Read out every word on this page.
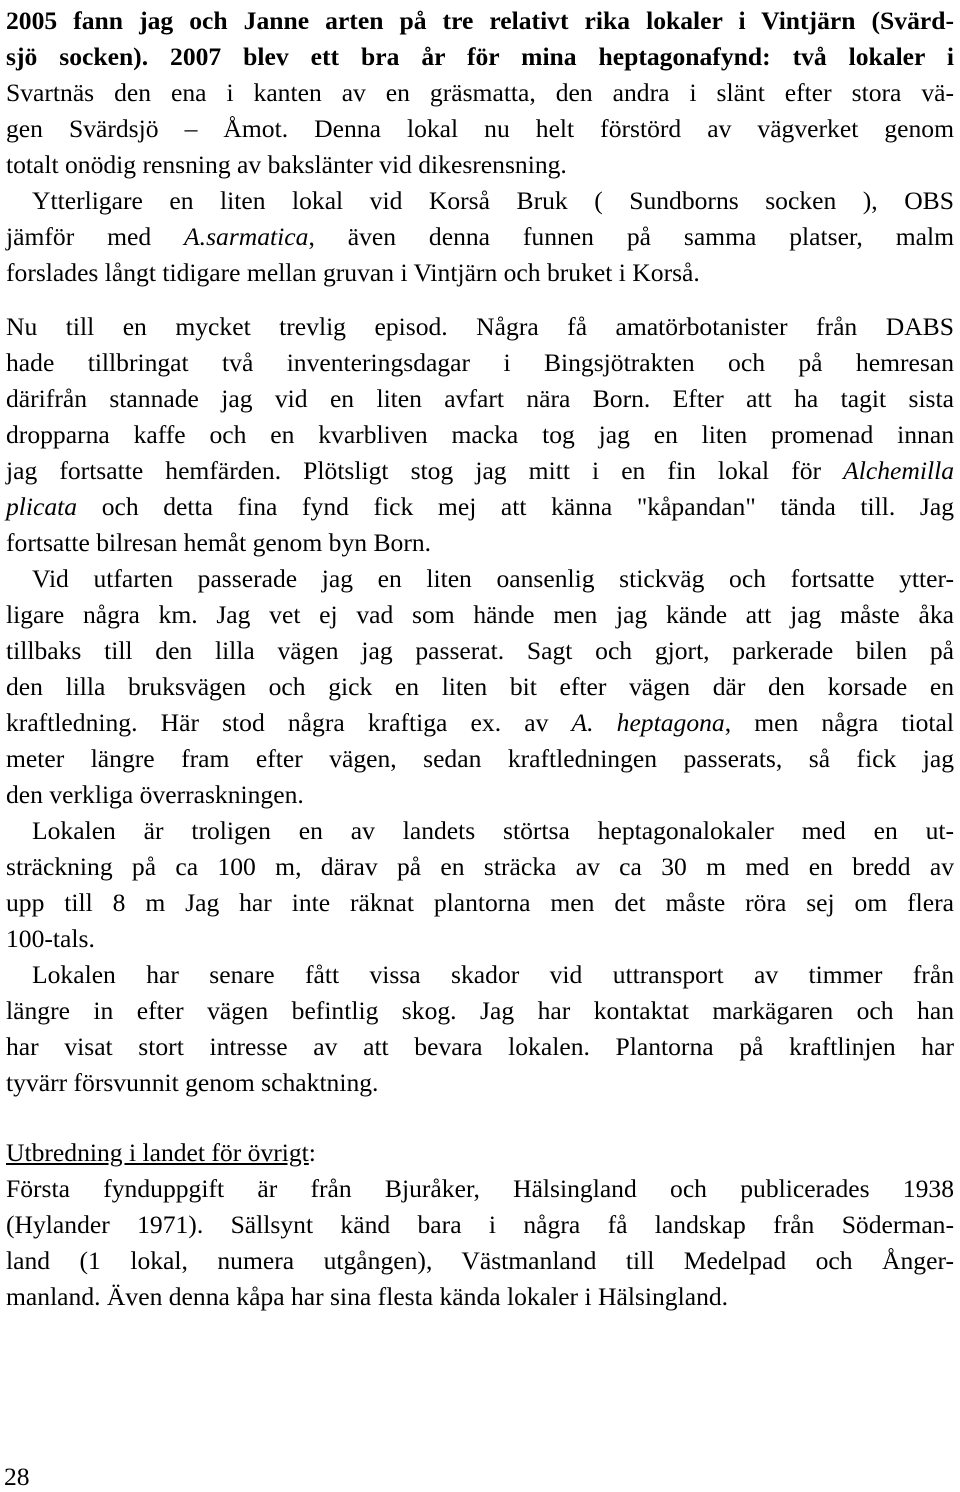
2005 fann jag och Janne arten på tre relativt rika lokaler i Vintjärn (Svärd-
sjö socken). 2007 blev ett bra år för mina heptagonafynd: två lokaler i
Svartnäs den ena i kanten av en gräsmatta, den andra i slänt efter stora vä-
gen Svärdsjö – Åmot. Denna lokal nu helt förstörd av vägverket genom
totalt onödig rensning av bakslänter vid dikesrensning.
Ytterligare en liten lokal vid Korså Bruk ( Sundborns socken ), OBS
jämför med A.sarmatica, även denna funnen på samma platser, malm
forslades långt tidigare mellan gruvan i Vintjärn och bruket i Korså.
Nu till en mycket trevlig episod. Några få amatörbotanister från DABS
hade tillbringat två inventeringsdagar i Bingsjötrakten och på hemresan
därifrån stannade jag vid en liten avfart nära Born. Efter att ha tagit sista
dropparna kaffe och en kvarbliven macka tog jag en liten promenad innan
jag fortsatte hemfärden. Plötsligt stog jag mitt i en fin lokal för Alchemilla
plicata och detta fina fynd fick mej att känna "kåpandan" tända till. Jag
fortsatte bilresan hemåt genom byn Born.
Vid utfarten passerade jag en liten oansenlig stickväg och fortsatte ytter-
ligare några km. Jag vet ej vad som hände men jag kände att jag måste åka
tillbaks till den lilla vägen jag passerat. Sagt och gjort, parkerade bilen på
den lilla bruksvägen och gick en liten bit efter vägen där den korsade en
kraftledning. Här stod några kraftiga ex. av A. heptagona, men några tiotal
meter längre fram efter vägen, sedan kraftledningen passerats, så fick jag
den verkliga överraskningen.
Lokalen är troligen en av landets störtsa heptagonalokaler med en ut-
sträckning på ca 100 m, därav på en sträcka av ca 30 m med en bredd av
upp till 8 m Jag har inte räknat plantorna men det måste röra sej om flera
100-tals.
Lokalen har senare fått vissa skador vid uttransport av timmer från
längre in efter vägen befintlig skog. Jag har kontaktat markägaren och han
har visat stort intresse av att bevara lokalen. Plantorna på kraftlinjen har
tyvärr försvunnit genom schaktning.
Utbredning i landet för övrigt:
Första fynduppgift är från Bjuråker, Hälsingland och publicerades 1938
(Hylander 1971). Sällsynt känd bara i några få landskap från Söderman-
land (1 lokal, numera utgången), Västmanland till Medelpad och Ånger-
manland. Även denna kåpa har sina flesta kända lokaler i Hälsingland.
28
